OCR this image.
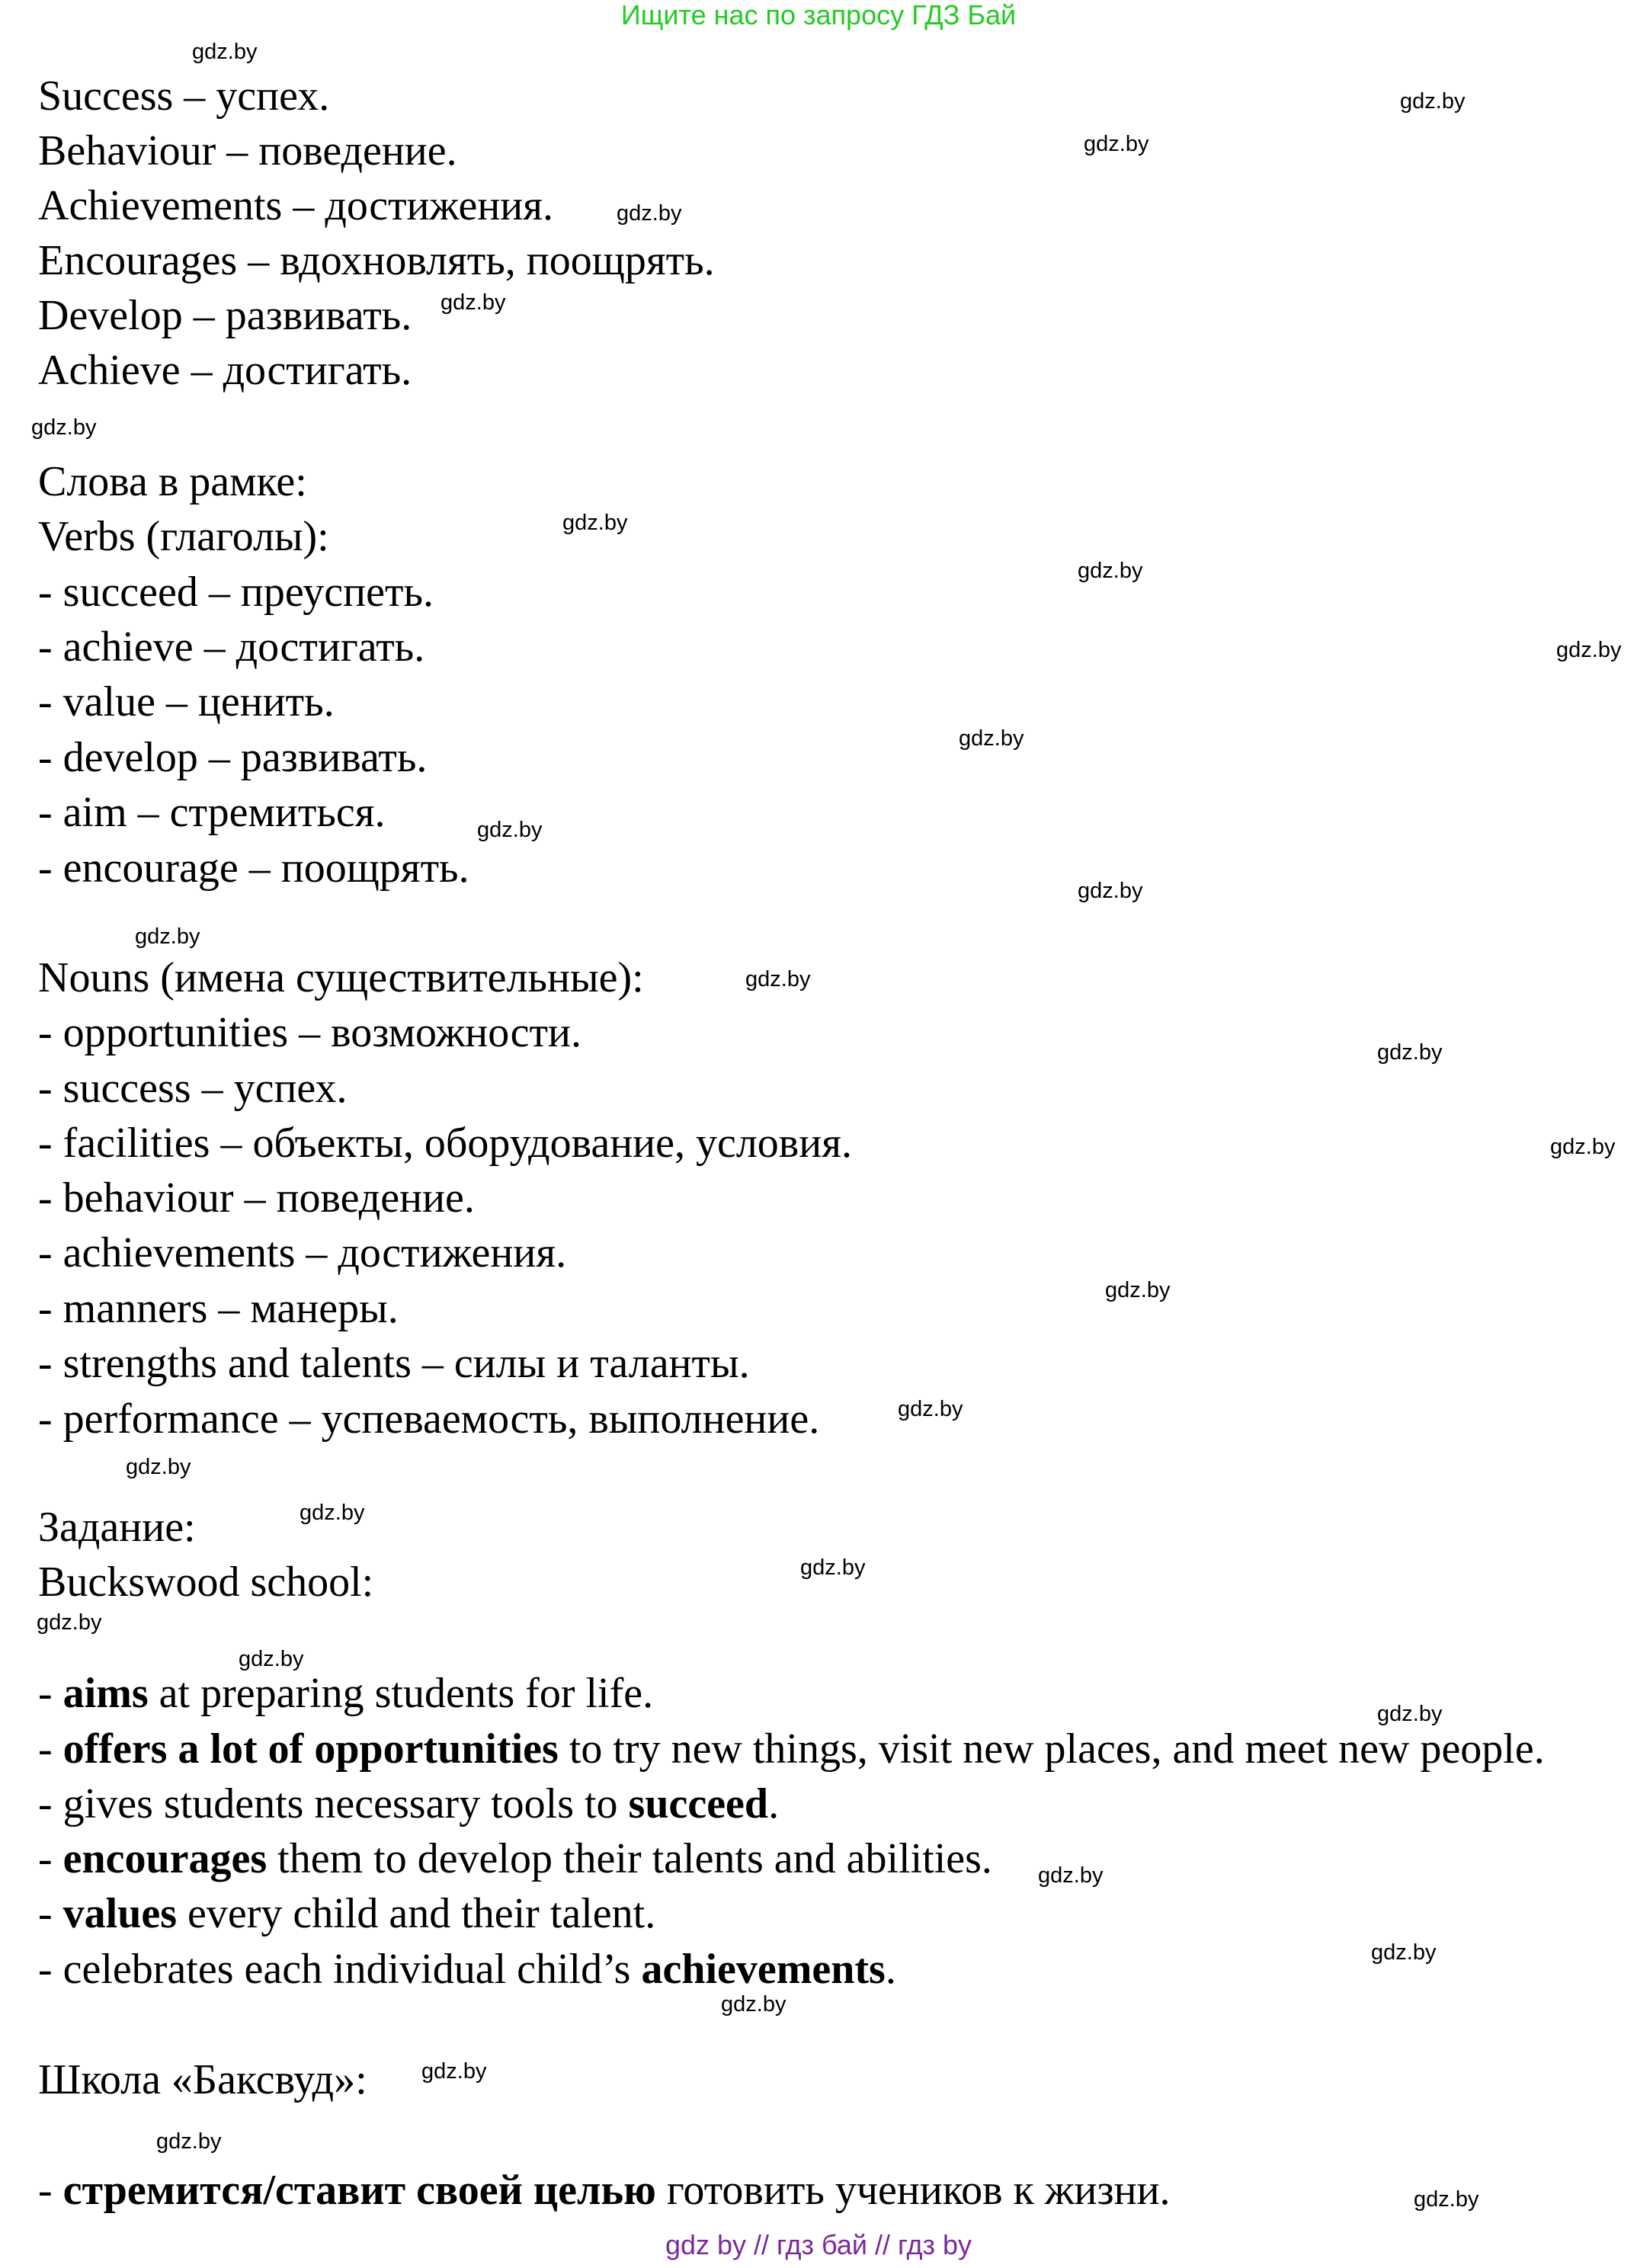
Ищите нас по запросу ГДЗ Бай
Success – успех.
Behaviour – поведение.
Achievements – достижения.
Encourages – вдохновлять, поощрять.
Develop – развивать.
Achieve – достигать.
Слова в рамке:
Verbs (глаголы):
- succeed – преуспеть.
- achieve – достигать.
- value – ценить.
- develop – развивать.
- aim – стремиться.
- encourage – поощрять.
Nouns (имена существительные):
- opportunities – возможности.
- success – успех.
- facilities – объекты, оборудование, условия.
- behaviour – поведение.
- achievements – достижения.
- manners – манеры.
- strengths and talents – силы и таланты.
- performance – успеваемость, выполнение.
Задание:
Buckswood school:
- aims at preparing students for life.
- offers a lot of opportunities to try new things, visit new places, and meet new people.
- gives students necessary tools to succeed.
- encourages them to develop their talents and abilities.
- values every child and their talent.
- celebrates each individual child’s achievements.
Школа «Баксвуд»:
- стремится/ставит своей целью готовить учеников к жизни.
gdz.by
gdz.by
gdz.by
gdz.by
gdz.by
gdz.by
gdz.by
gdz.by
gdz.by
gdz.by
gdz.by
gdz.by
gdz.by
gdz.by
gdz.by
gdz.by
gdz.by
gdz.by
gdz.by
gdz.by
gdz.by
gdz.by
gdz.by
gdz.by
gdz.by
gdz.by
gdz.by
gdz.by
gdz.by
gdz.by
gdz by // гдз бай // гдз by
